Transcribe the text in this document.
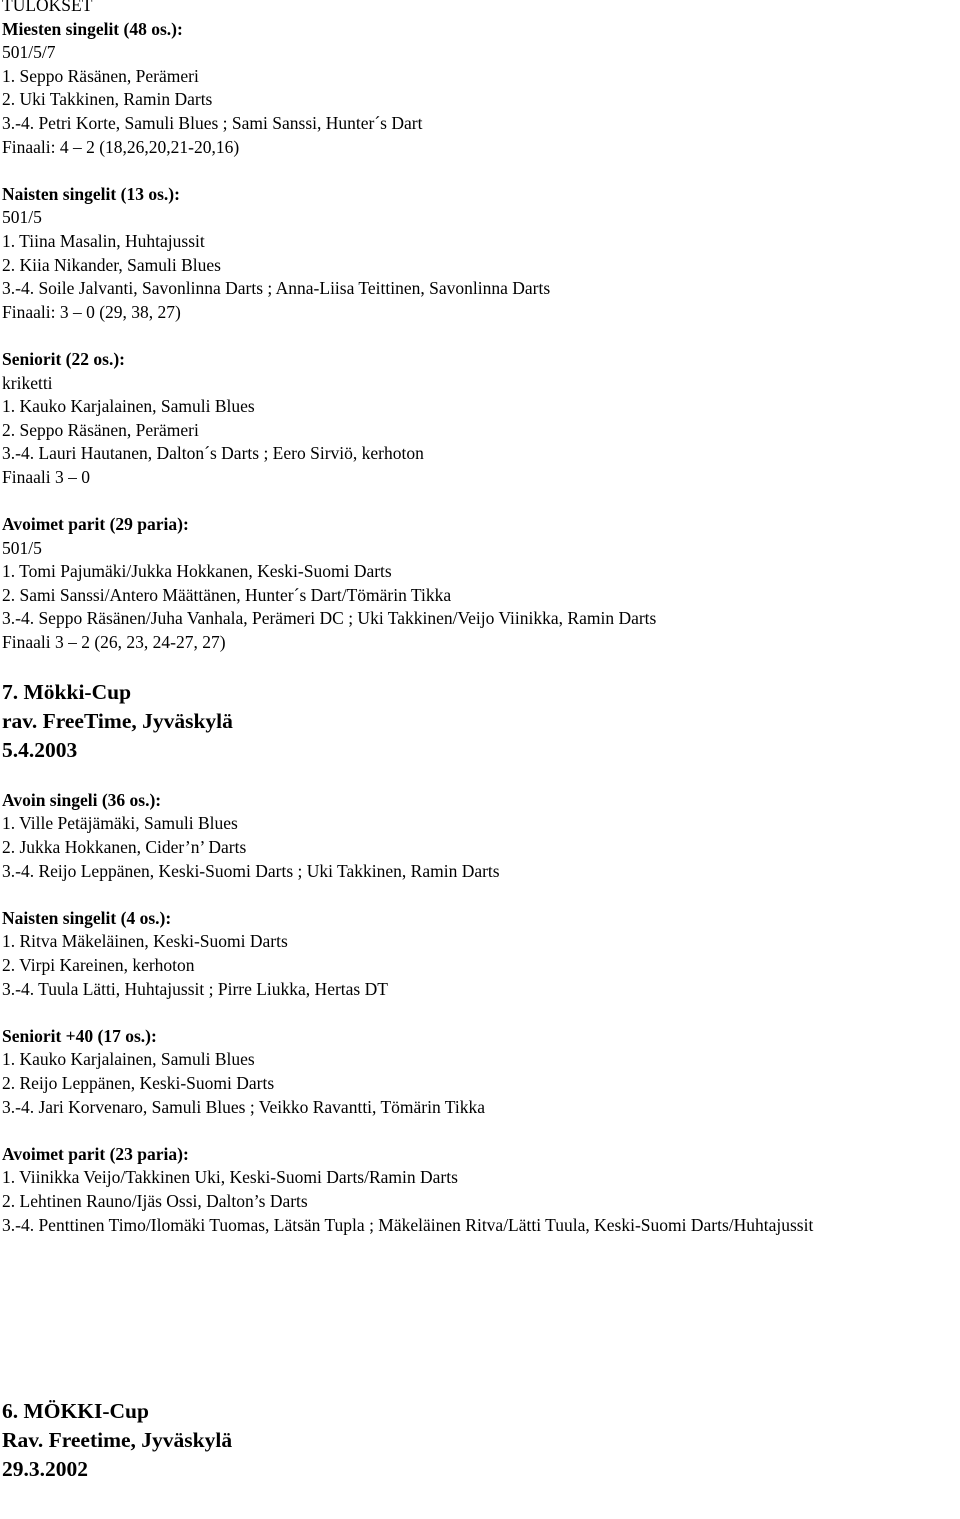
TULOKSET
Miesten singelit (48 os.):
501/5/7
1. Seppo Räsänen, Perämeri
2. Uki Takkinen, Ramin Darts
3.-4. Petri Korte, Samuli Blues ; Sami Sanssi, Hunter´s Dart
Finaali: 4 – 2 (18,26,20,21-20,16)
Naisten singelit (13 os.):
501/5
1. Tiina Masalin, Huhtajussit
2. Kiia Nikander, Samuli Blues
3.-4. Soile Jalvanti, Savonlinna Darts ; Anna-Liisa Teittinen, Savonlinna Darts
Finaali: 3 – 0 (29, 38, 27)
Seniorit (22 os.):
kriketti
1. Kauko Karjalainen, Samuli Blues
2. Seppo Räsänen, Perämeri
3.-4. Lauri Hautanen, Dalton´s Darts ; Eero Sirviö, kerhoton
Finaali 3 – 0
Avoimet parit (29 paria):
501/5
1. Tomi Pajumäki/Jukka Hokkanen, Keski-Suomi Darts
2. Sami Sanssi/Antero Määttänen, Hunter´s Dart/Tömärin Tikka
3.-4. Seppo Räsänen/Juha Vanhala, Perämeri DC ; Uki Takkinen/Veijo Viinikka, Ramin Darts
Finaali 3 – 2 (26, 23, 24-27, 27)
7. Mökki-Cup
rav. FreeTime, Jyväskylä
5.4.2003
Avoin singeli (36 os.):
1. Ville Petäjämäki, Samuli Blues
2. Jukka Hokkanen, Cider’n’ Darts
3.-4. Reijo Leppänen, Keski-Suomi Darts ; Uki Takkinen, Ramin Darts
Naisten singelit (4 os.):
1. Ritva Mäkeläinen, Keski-Suomi Darts
2. Virpi Kareinen, kerhoton
3.-4. Tuula Lätti, Huhtajussit ; Pirre Liukka, Hertas DT
Seniorit +40 (17 os.):
1. Kauko Karjalainen, Samuli Blues
2. Reijo Leppänen, Keski-Suomi Darts
3.-4. Jari Korvenaro, Samuli Blues ; Veikko Ravantti, Tömärin Tikka
Avoimet parit (23 paria):
1. Viinikka Veijo/Takkinen Uki, Keski-Suomi Darts/Ramin Darts
2. Lehtinen Rauno/Ijäs Ossi, Dalton’s Darts
3.-4. Penttinen Timo/Ilomäki Tuomas, Lätsän Tupla ; Mäkeläinen Ritva/Lätti Tuula, Keski-Suomi Darts/Huhtajussit
6. MÖKKI-Cup
Rav. Freetime, Jyväskylä
29.3.2002
